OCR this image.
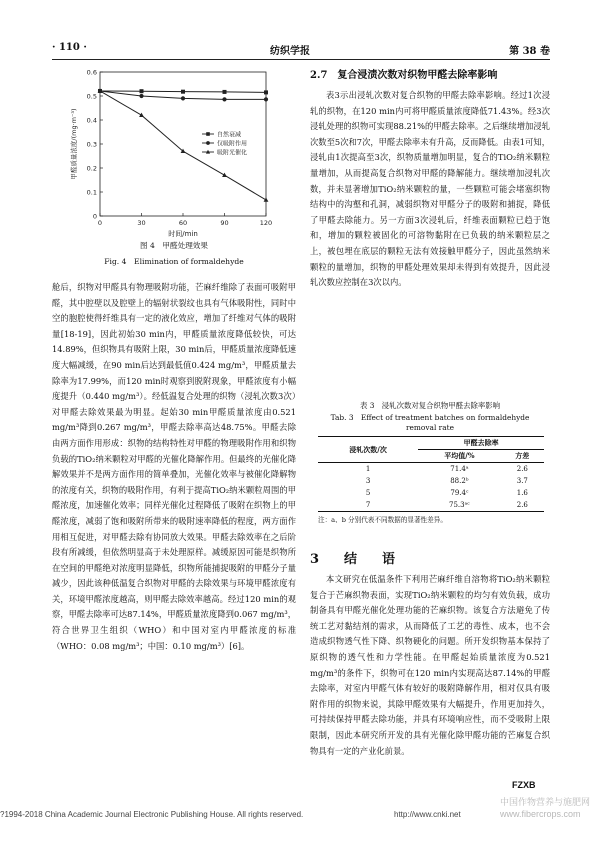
· 110 ·	纺织学报	第 38 卷
0
0.1
0.2
0.3
0.4
0.5
0.6
0	30	60	90	120
时间/min
甲醛质量浓度/(mg·m⁻³)	自然衰减
仅吸附作用
吸附光催化
图 4　甲醛处理效果
Fig. 4　Elimination of formaldehyde

舱后，织物对甲醛具有物理吸附功能，芒麻纤维除了表面可吸附甲醛，其中腔壁以及腔壁上的辐射状裂纹也具有气体吸附性，同时中空的胞腔使得纤维具有一定的液化效应，增加了纤维对气体的吸附量[18-19]，因此初始30 min内，甲醛质量浓度降低较快，可达14.89%，但织物具有吸附上限，30 min后，甲醛质量浓度降低速度大幅减缓，在90 min后达到最低值0.424 mg/m³，甲醛质量去除率为17.99%，而120 min时观察到脱附现象，甲醛浓度有小幅度提升（0.440 mg/m³）。经低温复合处理的织物（浸轧次数3次）对甲醛去除效果最为明显。起始30 min甲醛质量浓度由0.521 mg/m³降到0.267 mg/m³，甲醛去除率高达48.75%。甲醛去除由两方面作用形成：织物的结构特性对甲醛的物理吸附作用和织物负载的TiO₂纳米颗粒对甲醛的光催化降解作用。但最终的光催化降解效果并不是两方面作用的简单叠加，光催化效率与被催化降解物的浓度有关，织物的吸附作用，有利于提高TiO₂纳米颗粒周围的甲醛浓度，加速催化效率；同样光催化过程降低了吸附在织物上的甲醛浓度，减弱了饱和吸附所带来的吸附速率降低的程度，两方面作用相互促进，对甲醛去除有协同放大效果。甲醛去除效率在之后阶段有所减缓，但依然明显高于未处理原样。减缓原因可能是织物所在空间的甲醛绝对浓度明显降低，织物所能捕捉吸附的甲醛分子量减少，因此该种低温复合织物对甲醛的去除效果与环境甲醛浓度有关，环境甲醛浓度越高，则甲醛去除效率越高。经过120 min的观察，甲醛去除率可达87.14%，甲醛质量浓度降到0.067 mg/m³，符合世界卫生组织（WHO）和中国对室内甲醛浓度的标准（WHO：0.08 mg/m³；中国：0.10 mg/m³）[6]。

2.7　复合浸渍次数对织物甲醛去除率影响

表3示出浸轧次数对复合织物的甲醛去除率影响。经过1次浸轧的织物，在120 min内可将甲醛质量浓度降低71.43%。经3次浸轧处理的织物可实现88.21%的甲醛去除率。之后继续增加浸轧次数至5次和7次，甲醛去除率未有升高，反而降低。由表1可知，浸轧由1次提高至3次，织物质量增加明显，复合的TiO₂纳米颗粒量增加，从而提高复合织物对甲醛的降解能力。继续增加浸轧次数，并未显著增加TiO₂纳米颗粒的量，一些颗粒可能会堵塞织物结构中的沟壑和孔洞，减弱织物对甲醛分子的吸附和捕捉，降低了甲醛去除能力。另一方面3次浸轧后，纤维表面颗粒已趋于饱和，增加的颗粒被固化的可溶物黏附在已负载的纳米颗粒层之上，被包埋在底层的颗粒无法有效接触甲醛分子，因此虽然纳米颗粒的量增加，织物的甲醛处理效果却未得到有效提升，因此浸轧次数应控制在3次以内。

表 3　浸轧次数对复合织物甲醛去除率影响
Tab. 3　Effect of treatment batches on formaldehyde
removal rate
浸轧次数/次	甲醛去除率	
	平均值/%	方差
1	71.4ᵃ	2.6
3	88.2ᵇ	3.7
5	79.4ᶜ	1.6
7	75.3ᵃᶜ	2.6
注：a、b 分别代表不同数据的显著性差异。
3　结　语

本文研究在低温条件下利用芒麻纤维自溶物将TiO₂纳米颗粒复合于芒麻织物表面，实现TiO₂纳米颗粒的均匀有效负载，成功制备具有甲醛光催化处理功能的芒麻织物。该复合方法避免了传统工艺对黏结剂的需求，从而降低了工艺的毒性、成本，也不会造成织物透气性下降、织物硬化的问题。所开发织物基本保持了原织物的透气性和力学性能。在甲醛起始质量浓度为0.521 mg/m³的条件下，织物可在120 min内实现高达87.14%的甲醛去除率，对室内甲醛气体有较好的吸附降解作用，相对仅具有吸附作用的织物来说，其除甲醛效果有大幅提升，作用更加持久，可持续保持甲醛去除功能，并具有环境响应性，而不受吸附上限限制，因此本研究所开发的具有光催化除甲醛功能的芒麻复合织物具有一定的产业化前景。

FZXB
?1994-2018 China Academic Journal Electronic Publishing House. All rights reserved.	http://www.cnki.net
中国作物营养与施肥网
www.fibercrops.com
